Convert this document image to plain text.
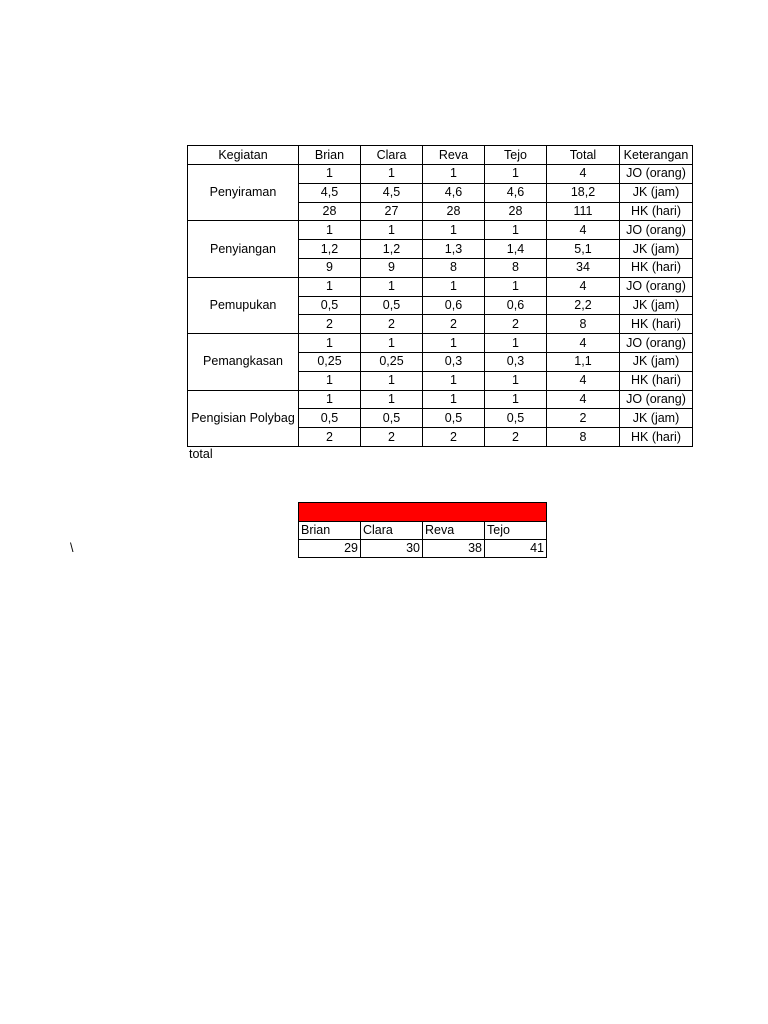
Kegiatan	Brian	Clara	Reva	Tejo	Total	Keterangan
Penyiraman	1	1	1	1	4	JO (orang)
	4,5	4,5	4,6	4,6	18,2	JK (jam)
	28	27	28	28	111	HK (hari)
Penyiangan	1	1	1	1	4	JO (orang)
	1,2	1,2	1,3	1,4	5,1	JK (jam)
	9	9	8	8	34	HK (hari)
Pemupukan	1	1	1	1	4	JO (orang)
	0,5	0,5	0,6	0,6	2,2	JK (jam)
	2	2	2	2	8	HK (hari)
Pemangkasan	1	1	1	1	4	JO (orang)
	0,25	0,25	0,3	0,3	1,1	JK (jam)
	1	1	1	1	4	HK (hari)
Pengisian Polybag	1	1	1	1	4	JO (orang)
	0,5	0,5	0,5	0,5	2	JK (jam)
	2	2	2	2	8	HK (hari)
total
\

Brian	Clara	Reva	Tejo
29	30	38	41
